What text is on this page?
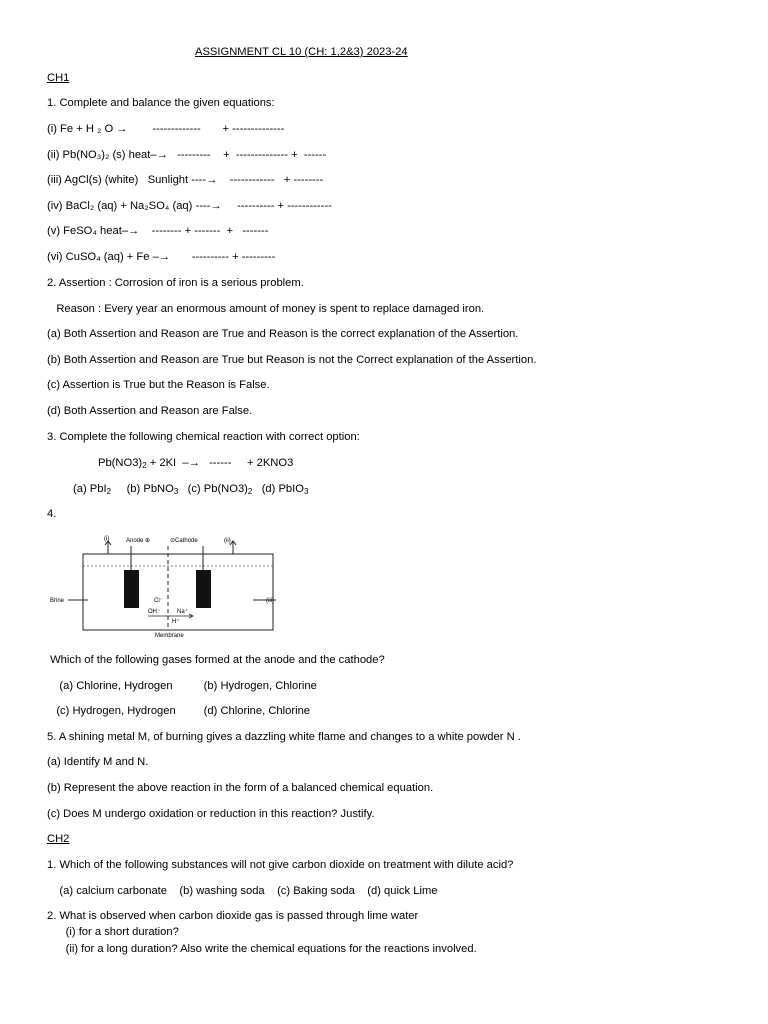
ASSIGNMENT CL 10 (CH: 1,2&3) 2023-24
CH1
1. Complete and balance the given equations:
(i) Fe + H ₂ O →        -------------       + --------------
(ii) Pb(NO₃)₂ (s) heat–→   ---------    +  -------------- +  ------
(iii) AgCl(s) (white)   Sunlight ----→    ------------   + --------
(iv) BaCl₂ (aq) + Na₂SO₄ (aq) ----→     ---------- + ------------
(v) FeSO₄ heat–→    -------- + -------  +   -------
(vi) CuSO₄ (aq) + Fe –→       ---------- + ---------
2. Assertion : Corrosion of iron is a serious problem.
Reason : Every year an enormous amount of money is spent to replace damaged iron.
(a) Both Assertion and Reason are True and Reason is the correct explanation of the Assertion.
(b) Both Assertion and Reason are True but Reason is not the Correct explanation of the Assertion.
(c) Assertion is True but the Reason is False.
(d) Both Assertion and Reason are False.
3. Complete the following chemical reaction with correct option:
$Pb(NO3)_2 + 2KI$  –→   ------     + 2KNO3
(a) PbI$_2$ (b) PbNO$_3$ (c) $Pb(NO3)_2$ (d) PbIO$_3$
4.
(i)	Anode ⊕	⊝Cathode	(ii)
Brine	(iii)
Cl⁻
OH⁻	Na⁺
H⁺
Membrane
Which of the following gases formed at the anode and the cathode?
(a) Chlorine, Hydrogen          (b) Hydrogen, Chlorine
(c) Hydrogen, Hydrogen         (d) Chlorine, Chlorine
5. A shining metal M, of burning gives a dazzling white flame and changes to a white powder N .
(a) Identify M and N.
(b) Represent the above reaction in the form of a balanced chemical equation.
(c) Does M undergo oxidation or reduction in this reaction? Justify.
CH2
1. Which of the following substances will not give carbon dioxide on treatment with dilute acid?
(a) calcium carbonate    (b) washing soda    (c) Baking soda    (d) quick Lime
2. What is observed when carbon dioxide gas is passed through lime water
(i) for a short duration?
(ii) for a long duration? Also write the chemical equations for the reactions involved.
